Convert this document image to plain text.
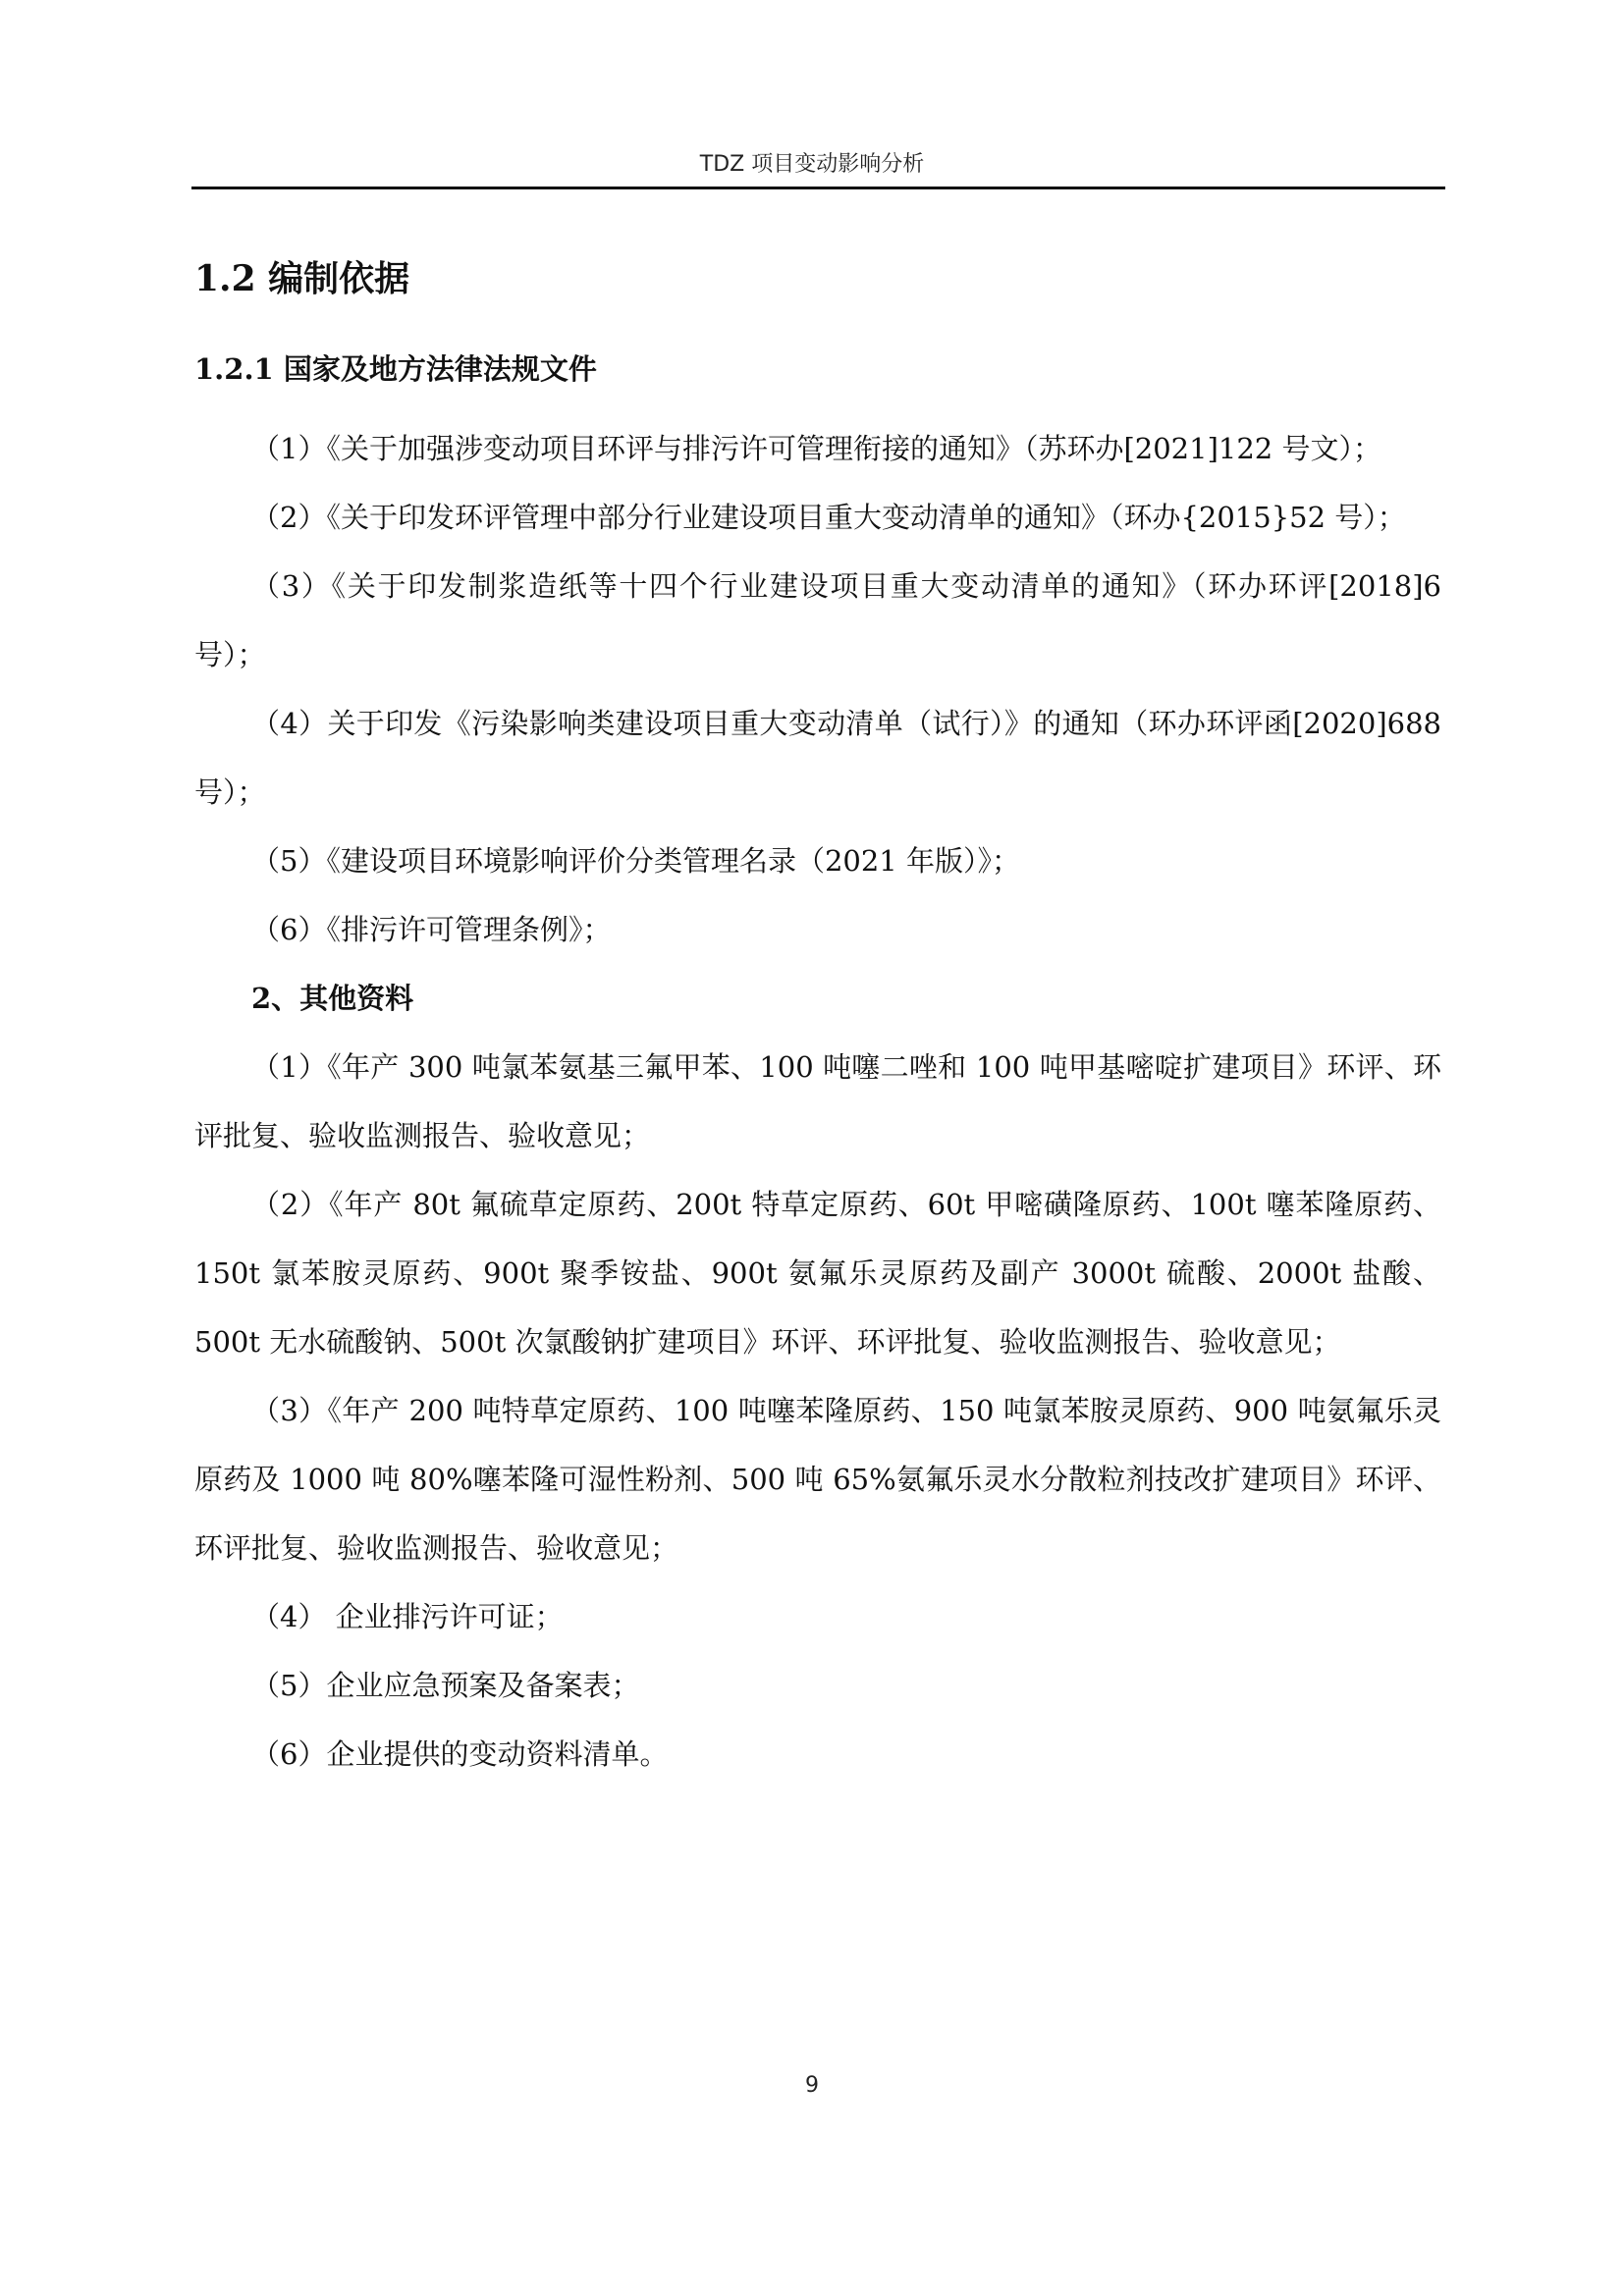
TDZ 项目变动影响分析
1.2 编制依据
1.2.1 国家及地方法律法规文件

（1）《关于加强涉变动项目环评与排污许可管理衔接的通知》（苏环办[2021]122 号文）；

（2）《关于印发环评管理中部分行业建设项目重大变动清单的通知》（环办{2015}52 号）；

（3）《关于印发制浆造纸等十四个行业建设项目重大变动清单的通知》（环办环评[2018]6 号）；

（4）关于印发《污染影响类建设项目重大变动清单（试行）》的通知（环办环评函[2020]688 号）；

（5）《建设项目环境影响评价分类管理名录（2021 年版）》；

（6）《排污许可管理条例》；

2、其他资料

（1）《年产 300 吨氯苯氨基三氟甲苯、100 吨噻二唑和 100 吨甲基嘧啶扩建项目》环评、环评批复、验收监测报告、验收意见；

（2）《年产 80t 氟硫草定原药、200t 特草定原药、60t 甲嘧磺隆原药、100t 噻苯隆原药、150t 氯苯胺灵原药、900t 聚季铵盐、900t 氨氟乐灵原药及副产 3000t 硫酸、2000t 盐酸、500t 无水硫酸钠、500t 次氯酸钠扩建项目》环评、环评批复、验收监测报告、验收意见；

（3）《年产 200 吨特草定原药、100 吨噻苯隆原药、150 吨氯苯胺灵原药、900 吨氨氟乐灵原药及 1000 吨 80%噻苯隆可湿性粉剂、500 吨 65%氨氟乐灵水分散粒剂技改扩建项目》环评、环评批复、验收监测报告、验收意见；

（4） 企业排污许可证；

（5）企业应急预案及备案表；

（6）企业提供的变动资料清单。

9
